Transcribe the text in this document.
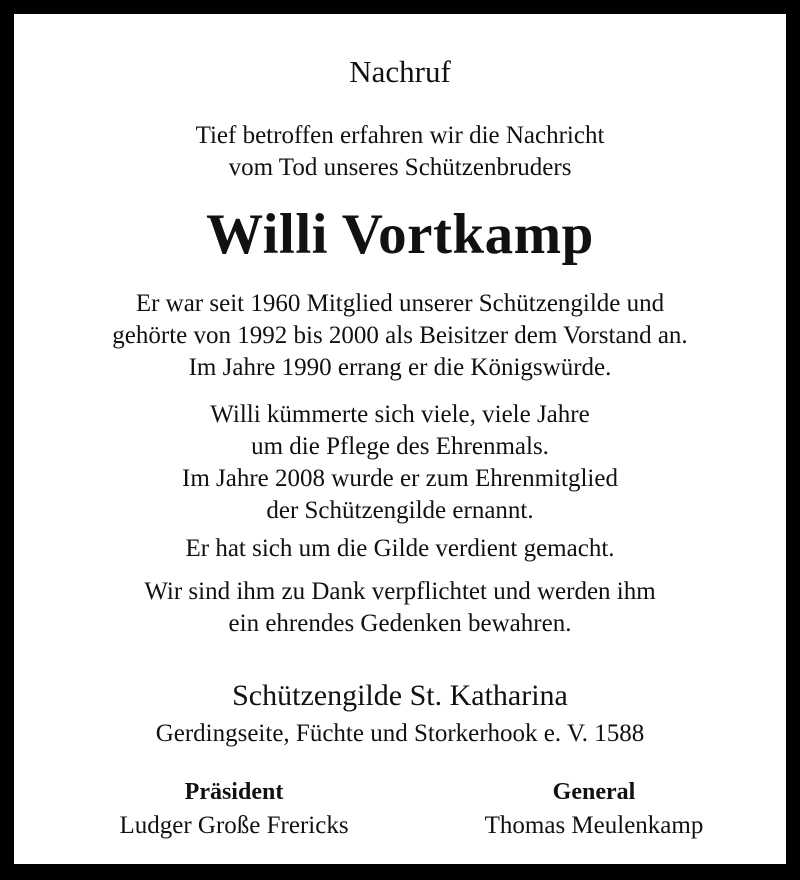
Nachruf
Tief betroffen erfahren wir die Nachricht
vom Tod unseres Schützenbruders
Willi Vortkamp
Er war seit 1960 Mitglied unserer Schützengilde und
gehörte von 1992 bis 2000 als Beisitzer dem Vorstand an.
Im Jahre 1990 errang er die Königswürde.
Willi kümmerte sich viele, viele Jahre
um die Pflege des Ehrenmals.
Im Jahre 2008 wurde er zum Ehrenmitglied
der Schützengilde ernannt.
Er hat sich um die Gilde verdient gemacht.
Wir sind ihm zu Dank verpflichtet und werden ihm
ein ehrendes Gedenken bewahren.
Schützengilde St. Katharina
Gerdingseite, Füchte und Storkerhook e. V. 1588
Präsident
Ludger Große Frericks
General
Thomas Meulenkamp
